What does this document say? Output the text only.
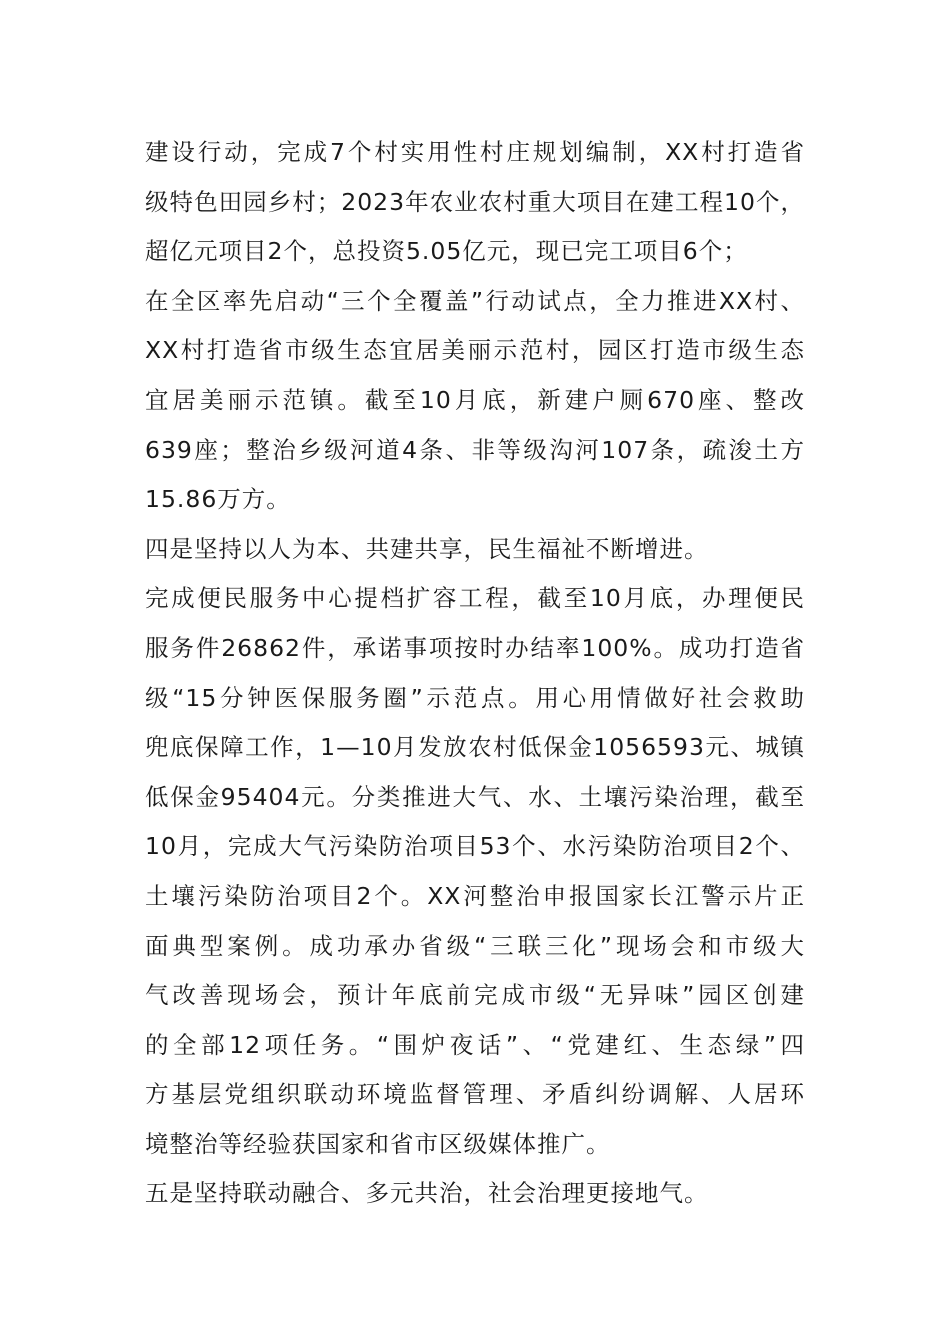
建设行动，完成7个村实用性村庄规划编制，XX村打造省
级特色田园乡村；2023年农业农村重大项目在建工程10个，
超亿元项目2个，总投资5.05亿元，现已完工项目6个；
在全区率先启动“三个全覆盖”行动试点，全力推进XX村、
XX村打造省市级生态宜居美丽示范村，园区打造市级生态
宜居美丽示范镇。截至10月底，新建户厕670座、整改
639座；整治乡级河道4条、非等级沟河107条，疏浚土方
15.86万方。
四是坚持以人为本、共建共享，民生福祉不断增进。
完成便民服务中心提档扩容工程，截至10月底，办理便民
服务件26862件，承诺事项按时办结率100%。成功打造省
级“15分钟医保服务圈”示范点。用心用情做好社会救助
兜底保障工作，1—10月发放农村低保金1056593元、城镇
低保金95404元。分类推进大气、水、土壤污染治理，截至
10月，完成大气污染防治项目53个、水污染防治项目2个、
土壤污染防治项目2个。XX河整治申报国家长江警示片正
面典型案例。成功承办省级“三联三化”现场会和市级大
气改善现场会，预计年底前完成市级“无异味”园区创建
的全部12项任务。“围炉夜话”、“党建红、生态绿”四
方基层党组织联动环境监督管理、矛盾纠纷调解、人居环
境整治等经验获国家和省市区级媒体推广。
五是坚持联动融合、多元共治，社会治理更接地气。
